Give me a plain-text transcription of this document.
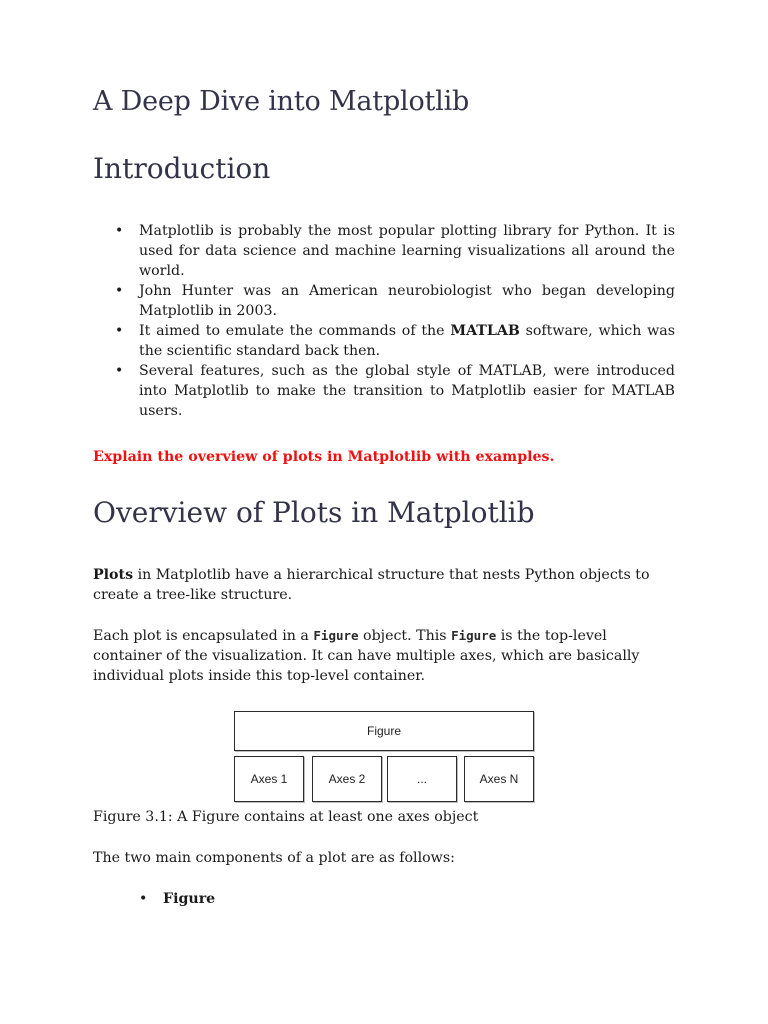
A Deep Dive into Matplotlib
Introduction
• Matplotlib is probably the most popular plotting library for Python. It is used for data science and machine learning visualizations all around the world.
• John Hunter was an American neurobiologist who began developing Matplotlib in 2003.
• It aimed to emulate the commands of the MATLAB software, which was the scientific standard back then.
• Several features, such as the global style of MATLAB, were introduced into Matplotlib to make the transition to Matplotlib easier for MATLAB users.
Explain the overview of plots in Matplotlib with examples.
Overview of Plots in Matplotlib

Plots in Matplotlib have a hierarchical structure that nests Python objects to create a tree-like structure.

Each plot is encapsulated in a Figure object. This Figure is the top-level container of the visualization. It can have multiple axes, which are basically individual plots inside this top-level container.

Figure
Axes 1	Axes 2	...	Axes N

Figure 3.1: A Figure contains at least one axes object

The two main components of a plot are as follows:

• Figure
